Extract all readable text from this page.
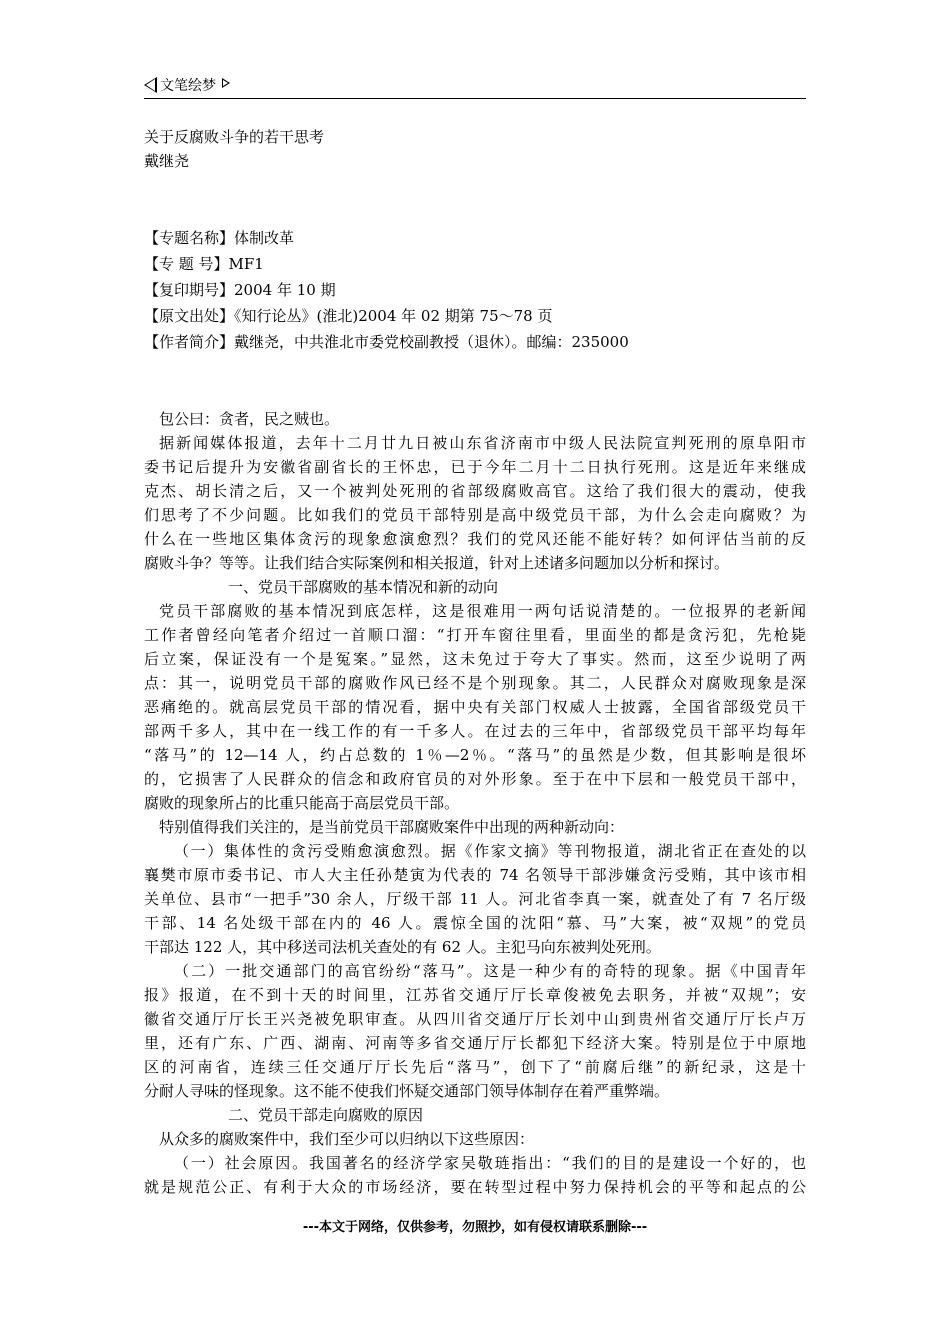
文笔绘梦
关于反腐败斗争的若干思考
戴继尧
【专题名称】体制改革
【专 题 号】MF1
【复印期号】2004 年 10 期
【原文出处】《知行论丛》(淮北)2004 年 02 期第 75～78 页
【作者简介】戴继尧，中共淮北市委党校副教授（退休）。邮编：235000
包公曰：贪者，民之贼也。
据新闻媒体报道，去年十二月廿九日被山东省济南市中级人民法院宣判死刑的原阜阳市
委书记后提升为安徽省副省长的王怀忠，已于今年二月十二日执行死刑。这是近年来继成
克杰、胡长清之后，又一个被判处死刑的省部级腐败高官。这给了我们很大的震动，使我
们思考了不少问题。比如我们的党员干部特别是高中级党员干部，为什么会走向腐败？为
什么在一些地区集体贪污的现象愈演愈烈？我们的党风还能不能好转？如何评估当前的反
腐败斗争？等等。让我们结合实际案例和相关报道，针对上述诸多问题加以分析和探讨。
一、党员干部腐败的基本情况和新的动向
党员干部腐败的基本情况到底怎样，这是很难用一两句话说清楚的。一位报界的老新闻
工作者曾经向笔者介绍过一首顺口溜：“打开车窗往里看，里面坐的都是贪污犯，先枪毙
后立案，保证没有一个是冤案。”显然，这未免过于夸大了事实。然而，这至少说明了两
点：其一，说明党员干部的腐败作风已经不是个别现象。其二，人民群众对腐败现象是深
恶痛绝的。就高层党员干部的情况看，据中央有关部门权威人士披露，全国省部级党员干
部两千多人，其中在一线工作的有一千多人。在过去的三年中，省部级党员干部平均每年
“落马”的 12—14 人，约占总数的 1％—2％。“落马”的虽然是少数，但其影响是很坏
的，它损害了人民群众的信念和政府官员的对外形象。至于在中下层和一般党员干部中，
腐败的现象所占的比重只能高于高层党员干部。
特别值得我们关注的，是当前党员干部腐败案件中出现的两种新动向：
（一）集体性的贪污受贿愈演愈烈。据《作家文摘》等刊物报道，湖北省正在查处的以
襄樊市原市委书记、市人大主任孙楚寅为代表的 74 名领导干部涉嫌贪污受贿，其中该市相
关单位、县市“一把手”30 余人，厅级干部 11 人。河北省李真一案，就查处了有 7 名厅级
干部、14 名处级干部在内的 46 人。震惊全国的沈阳“慕、马”大案，被“双规”的党员
干部达 122 人，其中移送司法机关查处的有 62 人。主犯马向东被判处死刑。
（二）一批交通部门的高官纷纷“落马”。这是一种少有的奇特的现象。据《中国青年
报》报道，在不到十天的时间里，江苏省交通厅厅长章俊被免去职务，并被“双规”；安
徽省交通厅厅长王兴尧被免职审查。从四川省交通厅厅长刘中山到贵州省交通厅厅长卢万
里，还有广东、广西、湖南、河南等多省交通厅厅长都犯下经济大案。特别是位于中原地
区的河南省，连续三任交通厅厅长先后“落马”，创下了“前腐后继”的新纪录，这是十
分耐人寻味的怪现象。这不能不使我们怀疑交通部门领导体制存在着严重弊端。
二、党员干部走向腐败的原因
从众多的腐败案件中，我们至少可以归纳以下这些原因：
（一）社会原因。我国著名的经济学家吴敬琏指出：“我们的目的是建设一个好的，也
就是规范公正、有利于大众的市场经济，要在转型过程中努力保持机会的平等和起点的公
---本文于网络，仅供参考，勿照抄，如有侵权请联系删除---
